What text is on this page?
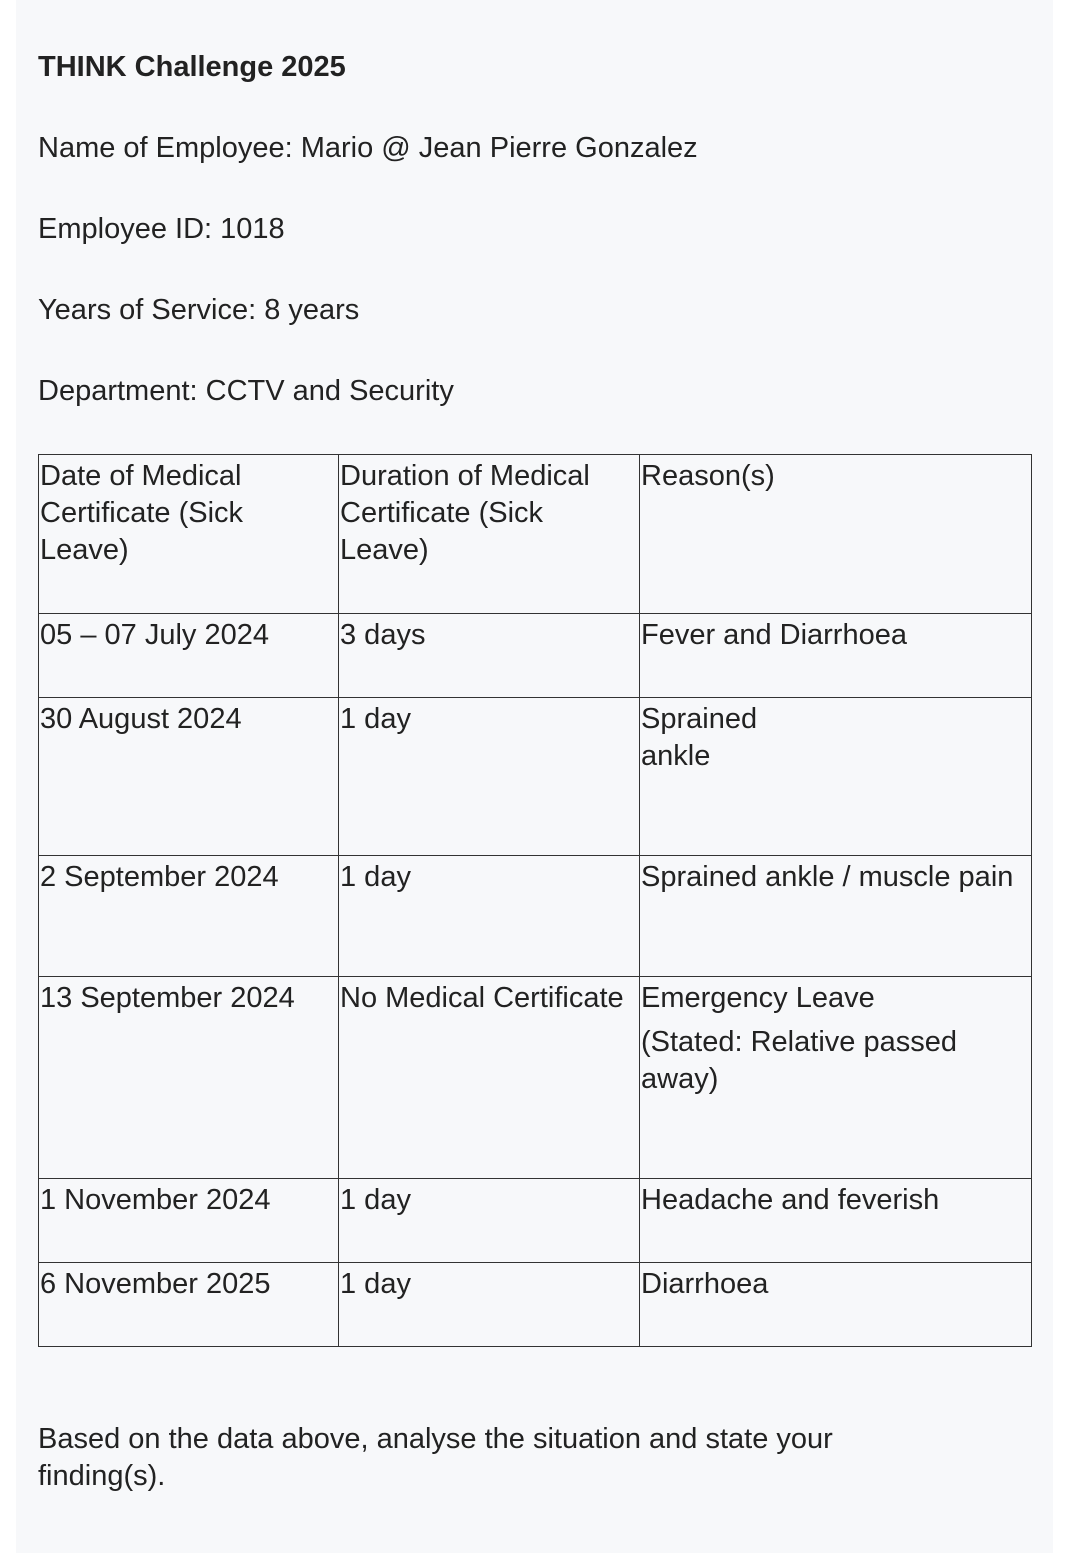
THINK Challenge 2025
Name of Employee: Mario @ Jean Pierre Gonzalez
Employee ID: 1018
Years of Service: 8 years
Department: CCTV and Security
Date of Medical Certificate (Sick Leave)	Duration of Medical Certificate (Sick Leave)	Reason(s)
05 – 07 July 2024	3 days	Fever and Diarrhoea
30 August 2024	1 day	Sprained ankle
2 September 2024	1 day	Sprained ankle / muscle pain
13 September 2024	No Medical Certificate	Emergency Leave
(Stated: Relative passed away)

1 November 2024	1 day	Headache and feverish
6 November 2025	1 day	Diarrhoea
Based on the data above, analyse the situation and state your finding(s).
